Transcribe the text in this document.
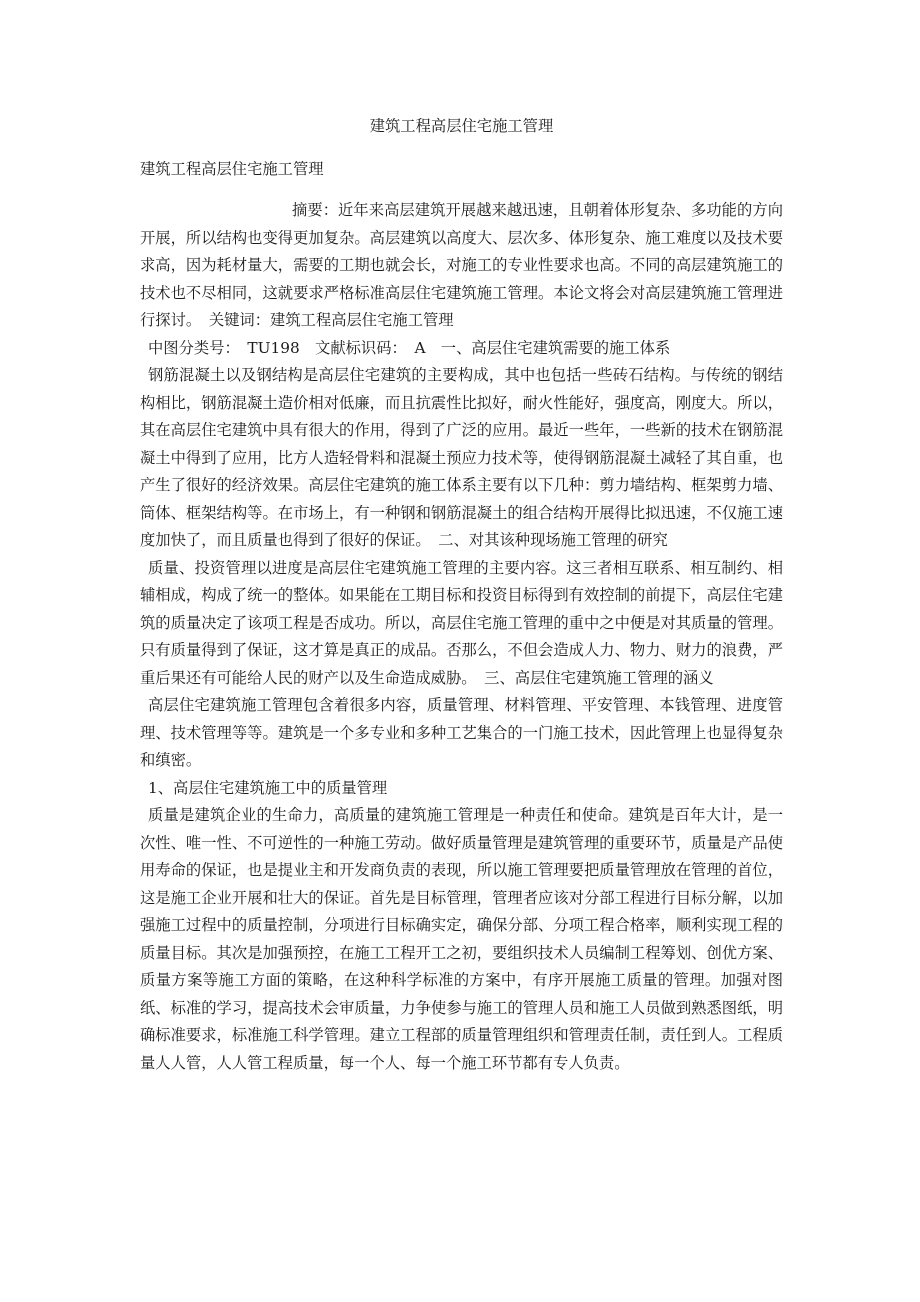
建筑工程高层住宅施工管理
建筑工程高层住宅施工管理

摘要：近年来高层建筑开展越来越迅速，且朝着体形复杂、多功能的方向开展，所以结构也变得更加复杂。高层建筑以高度大、层次多、体形复杂、施工难度以及技术要求高，因为耗材量大，需要的工期也就会长，对施工的专业性要求也高。不同的高层建筑施工的技术也不尽相同，这就要求严格标准高层住宅建筑施工管理。本论文将会对高层建筑施工管理进行探讨。　关键词：建筑工程高层住宅施工管理

中图分类号：　TU198　文献标识码：　A　一、高层住宅建筑需要的施工体系

钢筋混凝土以及钢结构是高层住宅建筑的主要构成，其中也包括一些砖石结构。与传统的钢结构相比，钢筋混凝土造价相对低廉，而且抗震性比拟好，耐火性能好，强度高，刚度大。所以，其在高层住宅建筑中具有很大的作用，得到了广泛的应用。最近一些年，一些新的技术在钢筋混凝土中得到了应用，比方人造轻骨料和混凝土预应力技术等，使得钢筋混凝土减轻了其自重，也产生了很好的经济效果。高层住宅建筑的施工体系主要有以下几种：剪力墙结构、框架剪力墙、筒体、框架结构等。在市场上，有一种钢和钢筋混凝土的组合结构开展得比拟迅速，不仅施工速度加快了，而且质量也得到了很好的保证。　二、对其该种现场施工管理的研究

质量、投资管理以进度是高层住宅建筑施工管理的主要内容。这三者相互联系、相互制约、相辅相成，构成了统一的整体。如果能在工期目标和投资目标得到有效控制的前提下，高层住宅建筑的质量决定了该项工程是否成功。所以，高层住宅施工管理的重中之中便是对其质量的管理。只有质量得到了保证，这才算是真正的成品。否那么，不但会造成人力、物力、财力的浪费，严重后果还有可能给人民的财产以及生命造成威胁。　三、高层住宅建筑施工管理的涵义

高层住宅建筑施工管理包含着很多内容，质量管理、材料管理、平安管理、本钱管理、进度管理、技术管理等等。建筑是一个多专业和多种工艺集合的一门施工技术，因此管理上也显得复杂和缜密。

1、高层住宅建筑施工中的质量管理

质量是建筑企业的生命力，高质量的建筑施工管理是一种责任和使命。建筑是百年大计，是一次性、唯一性、不可逆性的一种施工劳动。做好质量管理是建筑管理的重要环节，质量是产品使用寿命的保证，也是提业主和开发商负责的表现，所以施工管理要把质量管理放在管理的首位，这是施工企业开展和壮大的保证。首先是目标管理，管理者应该对分部工程进行目标分解，以加强施工过程中的质量控制，分项进行目标确实定，确保分部、分项工程合格率，顺利实现工程的质量目标。其次是加强预控，在施工工程开工之初，要组织技术人员编制工程筹划、创优方案、质量方案等施工方面的策略，在这种科学标准的方案中，有序开展施工质量的管理。加强对图纸、标准的学习，提高技术会审质量，力争使参与施工的管理人员和施工人员做到熟悉图纸，明确标准要求，标准施工科学管理。建立工程部的质量管理组织和管理责任制，责任到人。工程质量人人管，人人管工程质量，每一个人、每一个施工环节都有专人负责。
